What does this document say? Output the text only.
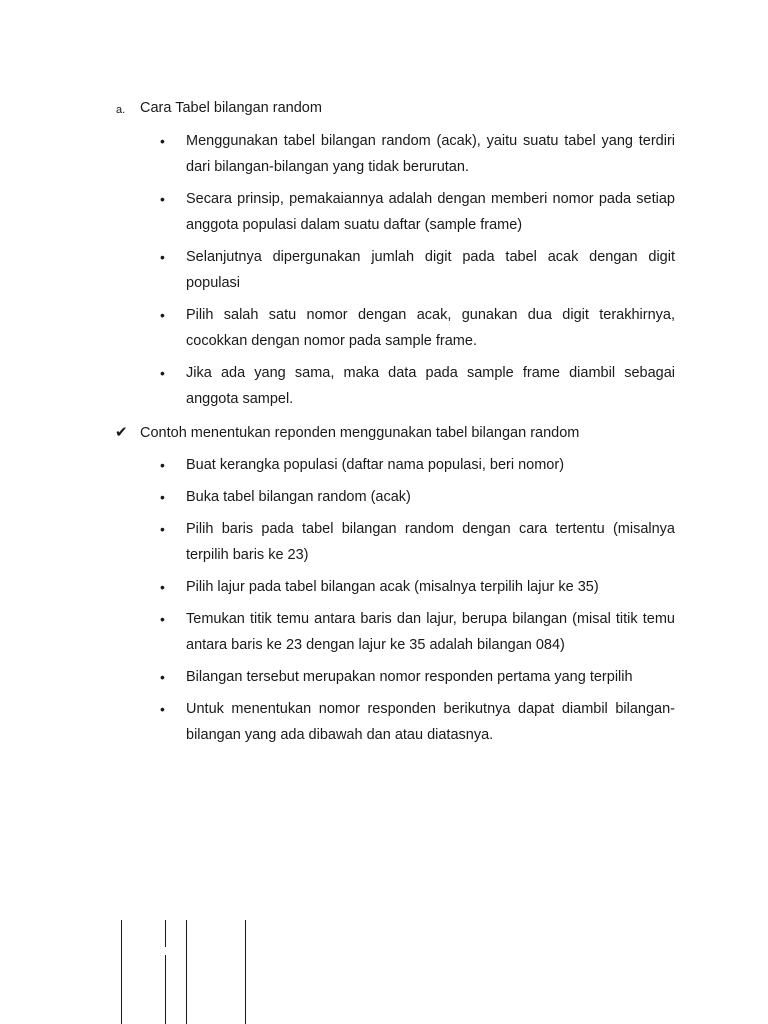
a. Cara Tabel bilangan random
• Menggunakan tabel bilangan random (acak), yaitu suatu tabel yang terdiri dari bilangan-bilangan yang tidak berurutan.
• Secara prinsip, pemakaiannya adalah dengan memberi nomor pada setiap anggota populasi dalam suatu daftar (sample frame)
• Selanjutnya dipergunakan jumlah digit pada tabel acak dengan digit populasi
• Pilih salah satu nomor dengan acak, gunakan dua digit terakhirnya, cocokkan dengan nomor pada sample frame.
• Jika ada yang sama, maka data pada sample frame diambil sebagai anggota sampel.
✔ Contoh menentukan reponden menggunakan tabel bilangan random
• Buat kerangka populasi (daftar nama populasi, beri nomor)
• Buka tabel bilangan random (acak)
• Pilih baris pada tabel bilangan random dengan cara tertentu (misalnya terpilih baris ke 23)
• Pilih lajur pada tabel bilangan acak (misalnya terpilih lajur ke 35)
• Temukan titik temu antara baris dan lajur, berupa bilangan (misal titik temu antara baris ke 23 dengan lajur ke 35 adalah bilangan 084)
• Bilangan tersebut merupakan nomor responden pertama yang terpilih
• Untuk menentukan nomor responden berikutnya dapat diambil bilangan-bilangan yang ada dibawah dan atau diatasnya.
